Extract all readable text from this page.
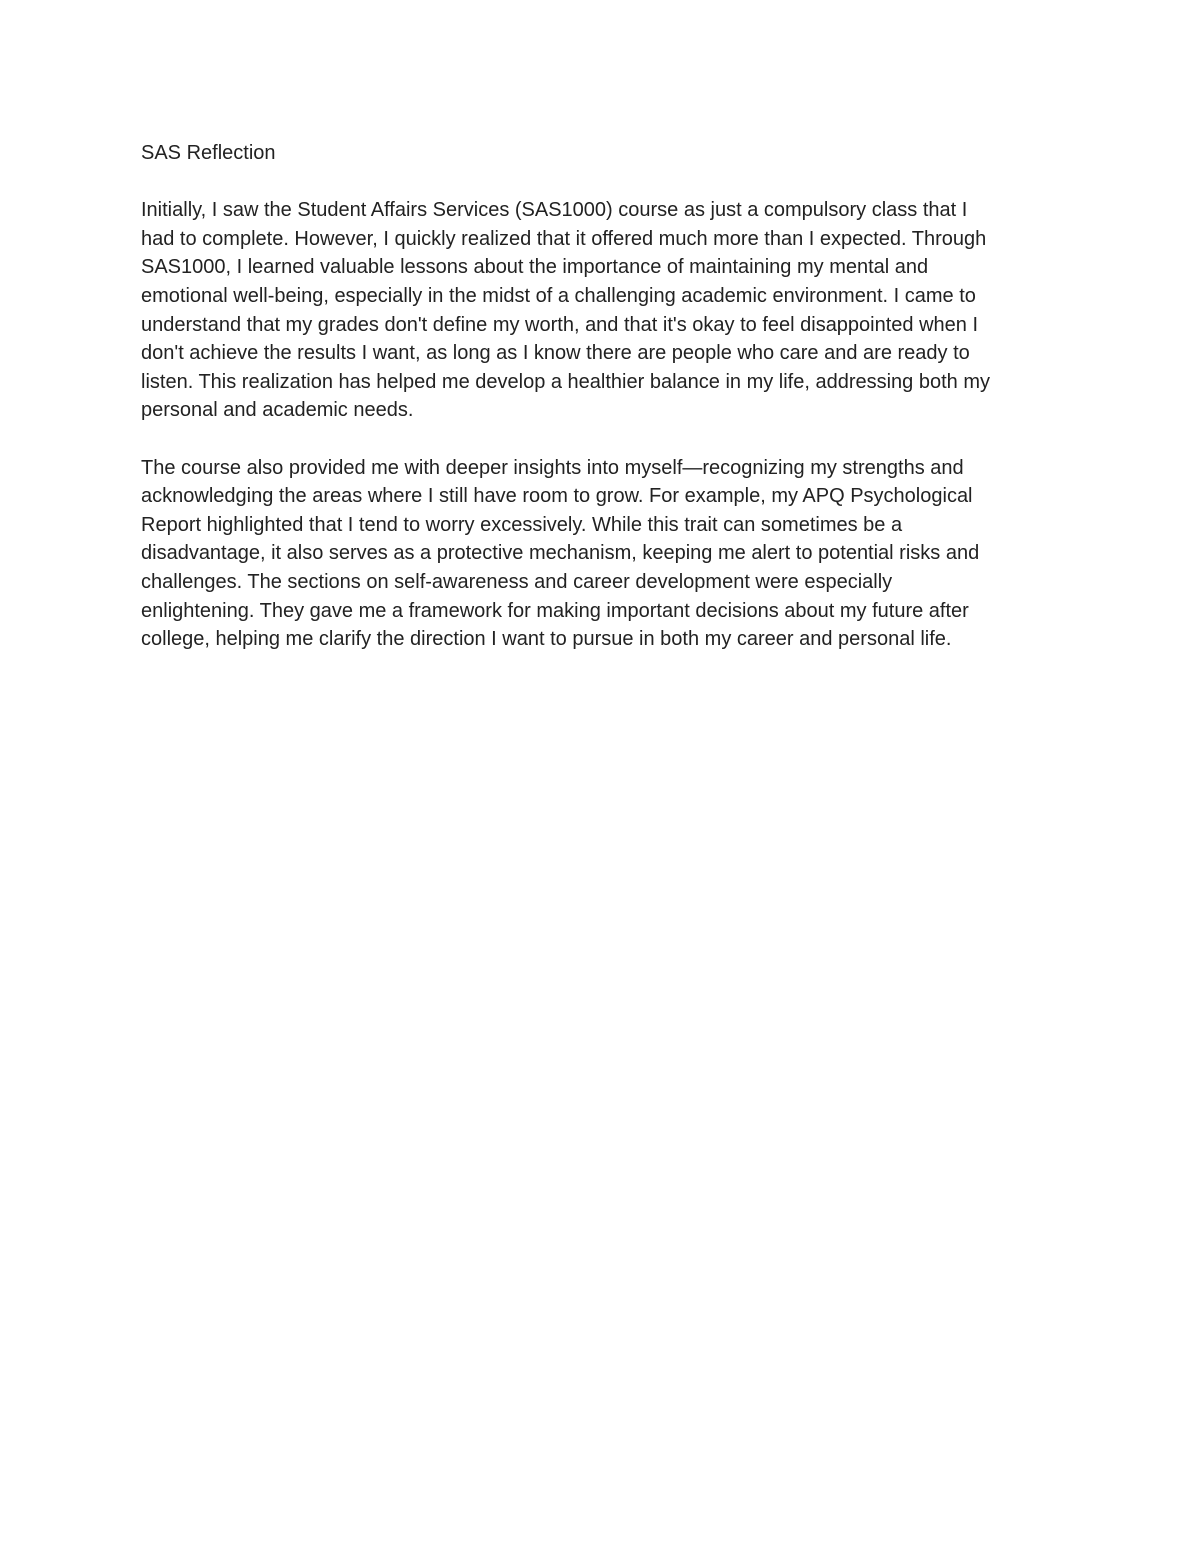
SAS Reflection

Initially, I saw the Student Affairs Services (SAS1000) course as just a compulsory class that I
had to complete. However, I quickly realized that it offered much more than I expected. Through
SAS1000, I learned valuable lessons about the importance of maintaining my mental and
emotional well-being, especially in the midst of a challenging academic environment. I came to
understand that my grades don't define my worth, and that it's okay to feel disappointed when I
don't achieve the results I want, as long as I know there are people who care and are ready to
listen. This realization has helped me develop a healthier balance in my life, addressing both my
personal and academic needs.

The course also provided me with deeper insights into myself—recognizing my strengths and
acknowledging the areas where I still have room to grow. For example, my APQ Psychological
Report highlighted that I tend to worry excessively. While this trait can sometimes be a
disadvantage, it also serves as a protective mechanism, keeping me alert to potential risks and
challenges. The sections on self-awareness and career development were especially
enlightening. They gave me a framework for making important decisions about my future after
college, helping me clarify the direction I want to pursue in both my career and personal life.
